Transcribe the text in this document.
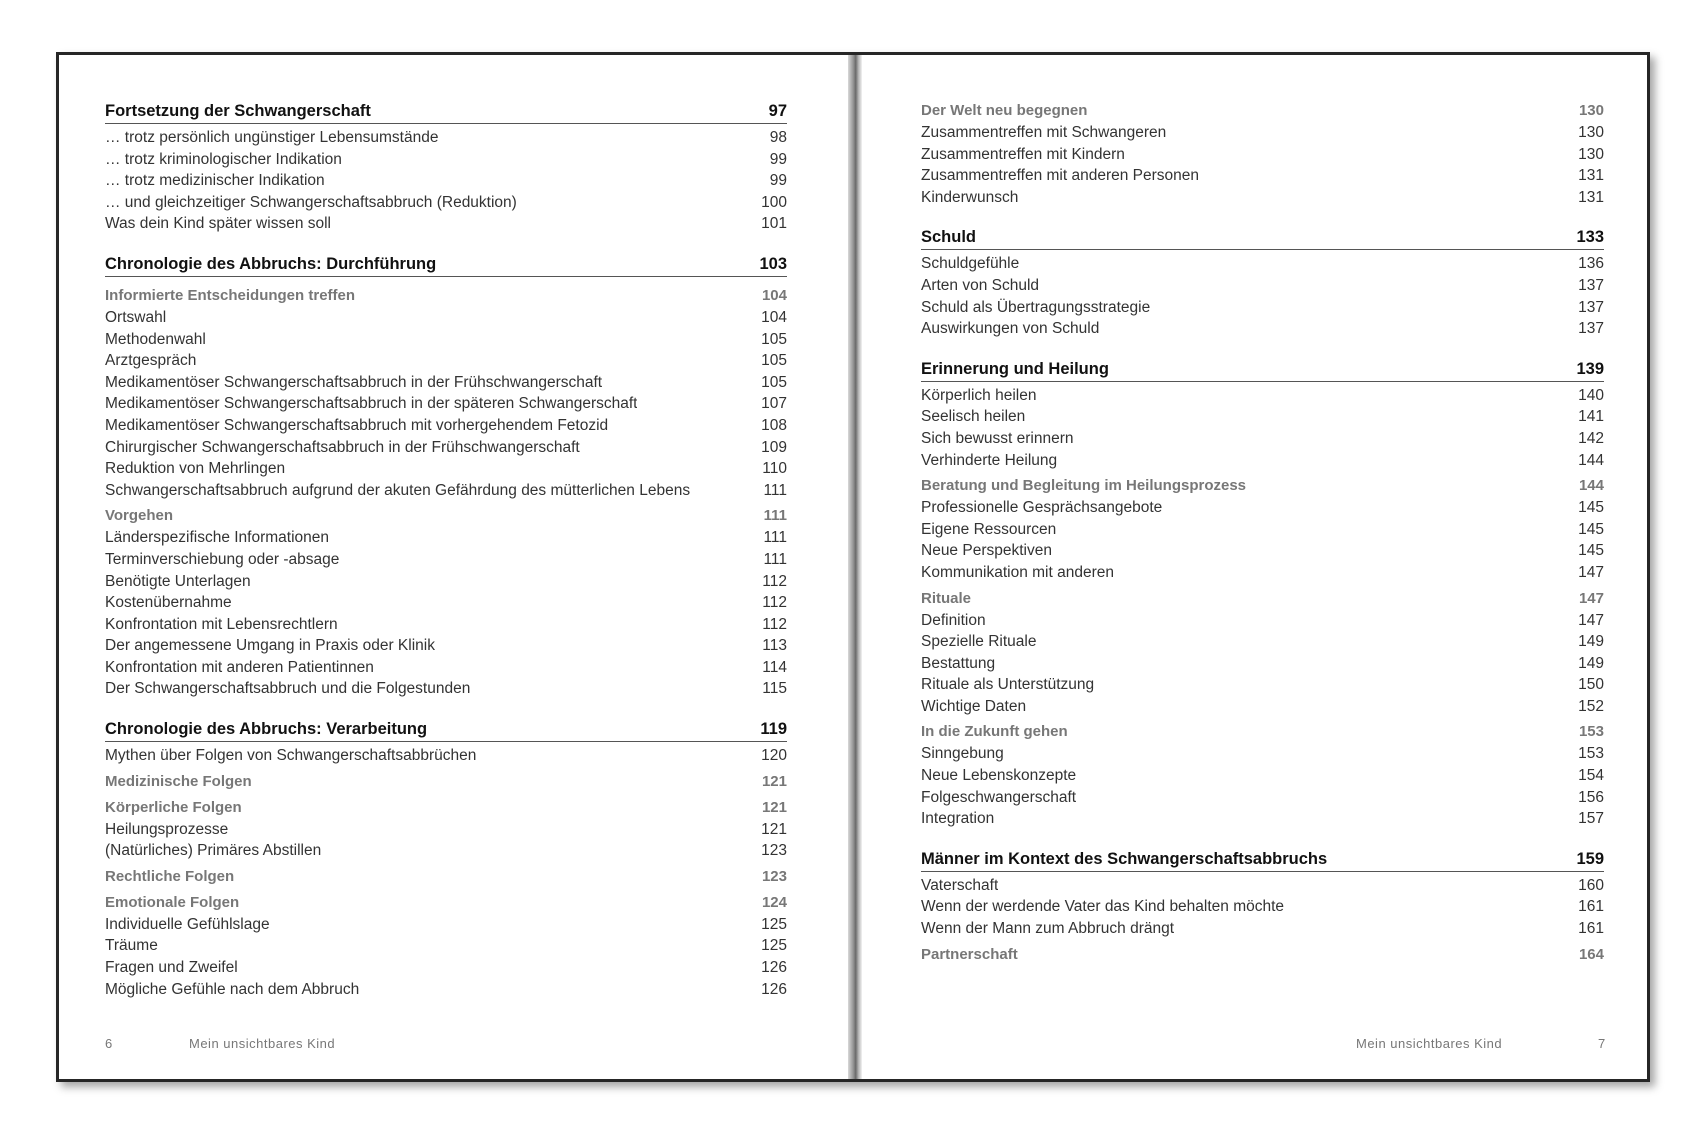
Fortsetzung der Schwangerschaft	97
… trotz persönlich ungünstiger Lebensumstände	98
… trotz kriminologischer Indikation	99
… trotz medizinischer Indikation	99
… und gleichzeitiger Schwangerschaftsabbruch (Reduktion)	100
Was dein Kind später wissen soll	101
Chronologie des Abbruchs: Durchführung	103
Informierte Entscheidungen treffen	104
Ortswahl	104
Methodenwahl	105
Arztgespräch	105
Medikamentöser Schwangerschaftsabbruch in der Frühschwangerschaft	105
Medikamentöser Schwangerschaftsabbruch in der späteren Schwangerschaft	107
Medikamentöser Schwangerschaftsabbruch mit vorhergehendem Fetozid	108
Chirurgischer Schwangerschaftsabbruch in der Frühschwangerschaft	109
Reduktion von Mehrlingen	110
Schwangerschaftsabbruch aufgrund der akuten Gefährdung des mütterlichen Lebens	111
Vorgehen	111
Länderspezifische Informationen	111
Terminverschiebung oder -absage	111
Benötigte Unterlagen	112
Kostenübernahme	112
Konfrontation mit Lebensrechtlern	112
Der angemessene Umgang in Praxis oder Klinik	113
Konfrontation mit anderen Patientinnen	114
Der Schwangerschaftsabbruch und die Folgestunden	115
Chronologie des Abbruchs: Verarbeitung	119
Mythen über Folgen von Schwangerschaftsabbrüchen	120
Medizinische Folgen	121
Körperliche Folgen	121
Heilungsprozesse	121
(Natürliches) Primäres Abstillen	123
Rechtliche Folgen	123
Emotionale Folgen	124
Individuelle Gefühlslage	125
Träume	125
Fragen und Zweifel	126
Mögliche Gefühle nach dem Abbruch	126
6	Mein unsichtbares Kind
Der Welt neu begegnen	130
Zusammentreffen mit Schwangeren	130
Zusammentreffen mit Kindern	130
Zusammentreffen mit anderen Personen	131
Kinderwunsch	131
Schuld	133
Schuldgefühle	136
Arten von Schuld	137
Schuld als Übertragungsstrategie	137
Auswirkungen von Schuld	137
Erinnerung und Heilung	139
Körperlich heilen	140
Seelisch heilen	141
Sich bewusst erinnern	142
Verhinderte Heilung	144
Beratung und Begleitung im Heilungsprozess	144
Professionelle Gesprächsangebote	145
Eigene Ressourcen	145
Neue Perspektiven	145
Kommunikation mit anderen	147
Rituale	147
Definition	147
Spezielle Rituale	149
Bestattung	149
Rituale als Unterstützung	150
Wichtige Daten	152
In die Zukunft gehen	153
Sinngebung	153
Neue Lebenskonzepte	154
Folgeschwangerschaft	156
Integration	157
Männer im Kontext des Schwangerschaftsabbruchs	159
Vaterschaft	160
Wenn der werdende Vater das Kind behalten möchte	161
Wenn der Mann zum Abbruch drängt	161
Partnerschaft	164
Mein unsichtbares Kind	7
